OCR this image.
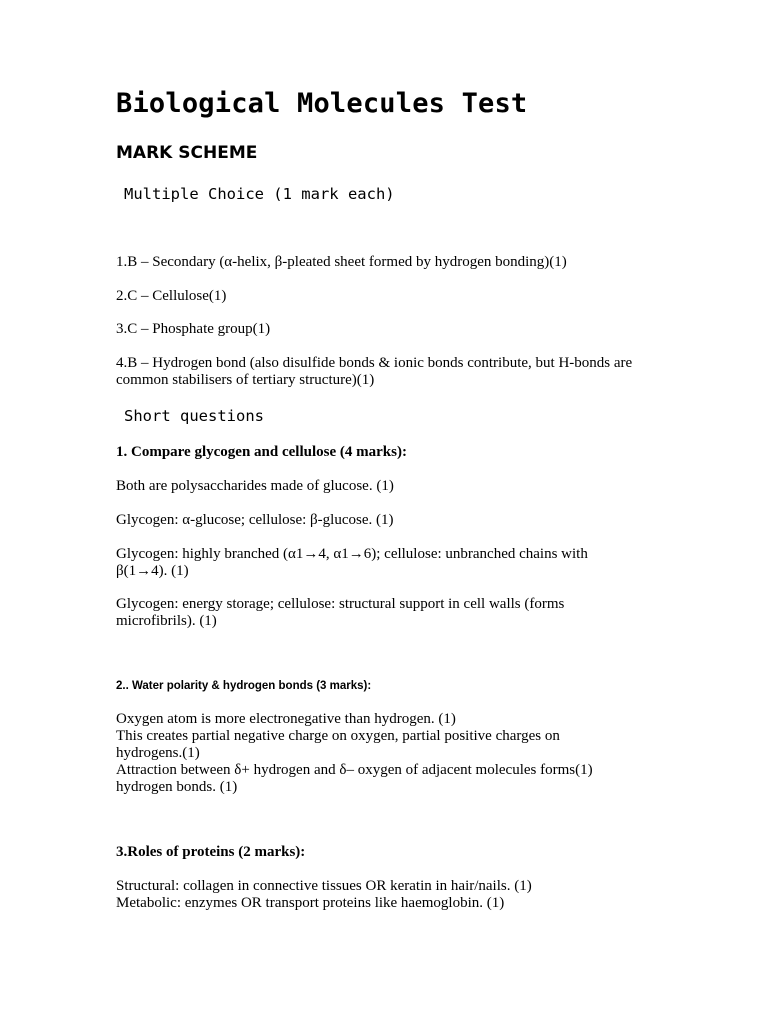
Biological Molecules Test
MARK SCHEME
Multiple Choice (1 mark each)
1.B – Secondary (α-helix, β-pleated sheet formed by hydrogen bonding)(1)
2.C – Cellulose(1)
3.C – Phosphate group(1)
4.B – Hydrogen bond (also disulfide bonds & ionic bonds contribute, but H-bonds are
common stabilisers of tertiary structure)(1)
Short questions
1. Compare glycogen and cellulose (4 marks):
Both are polysaccharides made of glucose. (1)
Glycogen: α-glucose; cellulose: β-glucose. (1)
Glycogen: highly branched (α1→4, α1→6); cellulose: unbranched chains with
β(1→4). (1)
Glycogen: energy storage; cellulose: structural support in cell walls (forms
microfibrils). (1)
2.. Water polarity & hydrogen bonds (3 marks):
Oxygen atom is more electronegative than hydrogen. (1)
This creates partial negative charge on oxygen, partial positive charges on
hydrogens.(1)
Attraction between δ+ hydrogen and δ– oxygen of adjacent molecules forms(1)
hydrogen bonds. (1)
3.Roles of proteins (2 marks):
Structural: collagen in connective tissues OR keratin in hair/nails. (1)
Metabolic: enzymes OR transport proteins like haemoglobin. (1)
